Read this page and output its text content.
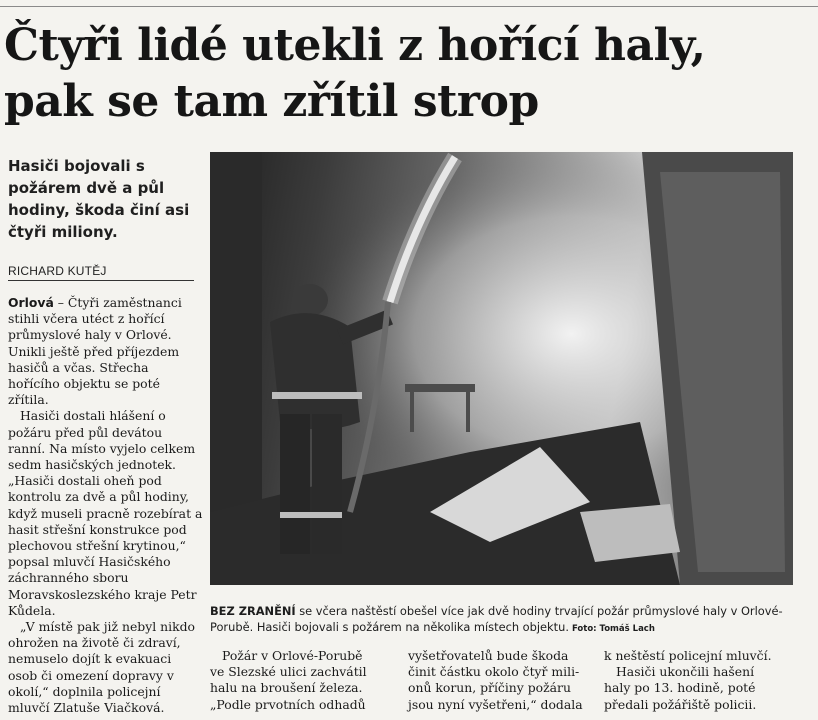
Čtyři lidé utekli z hořící haly,
pak se tam zřítil strop
Hasiči bojovali s požárem dvě a půl hodiny, škoda činí asi čtyři miliony.
RICHARD KUTĚJ

Orlová – Čtyři zaměstnanci stihli včera utéct z hořící průmyslové haly v Orlové. Unikli ještě před příjezdem hasičů a včas. Střecha hořícího objektu se poté zřítila.

Hasiči dostali hlášení o požáru před půl devátou ranní. Na místo vyjelo celkem sedm hasičských jednotek. „Hasiči dostali oheň pod kontrolu za dvě a půl hodiny, když museli pracně rozebírat a hasit střešní konstrukce pod plechovou střešní krytinou,“ popsal mluvčí Hasičského záchranného sboru Moravskoslezského kraje Petr Kůdela.

„V místě pak již nebyl nikdo ohrožen na životě či zdraví, nemuselo dojít k evakuaci osob či omezení dopravy v okolí,“ doplnila policejní mluvčí Zlatuše Viačková.

BEZ ZRANĚNÍ se včera naštěstí obešel více jak dvě hodiny trvající požár průmyslové haly v Orlové-Porubě. Hasiči bojovali s požárem na několika místech objektu. Foto: Tomáš Lach
Požár v Orlové-Porubě
ve Slezské ulici zachvátil
halu na broušení železa.
„Podle prvotních odhadů
vyšetřovatelů bude škoda
činit částku okolo čtyř mili-
onů korun, příčiny požáru
jsou nyní vyšetřeni,“ dodala
k neštěstí policejní mluvčí.
Hasiči ukončili hašení
haly po 13. hodině, poté
předali požářiště policii.
